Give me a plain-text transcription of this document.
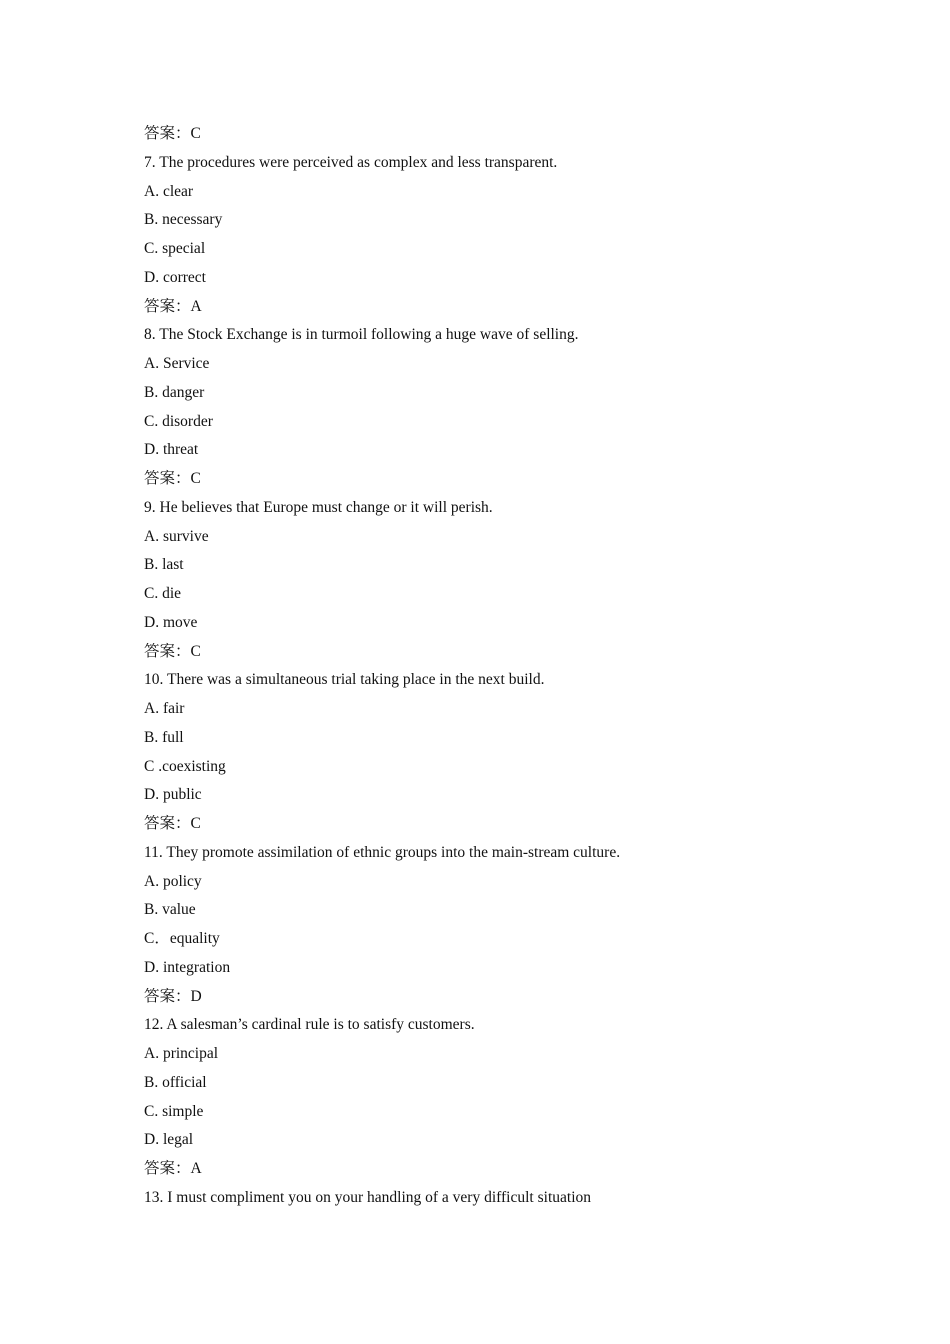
答案：C
7. The procedures were perceived as complex and less transparent.
A. clear
B. necessary
C. special
D. correct
答案：A
8. The Stock Exchange is in turmoil following a huge wave of selling.
A. Service
B. danger
C. disorder
D. threat
答案：C
9. He believes that Europe must change or it will perish.
A. survive
B. last
C. die
D. move
答案：C
10. There was a simultaneous trial taking place in the next build.
A. fair
B. full
C .coexisting
D. public
答案：C
11. They promote assimilation of ethnic groups into the main-stream culture.
A. policy
B. value
C．equality
D. integration
答案：D
12. A salesman’s cardinal rule is to satisfy customers.
A. principal
B. official
C. simple
D. legal
答案：A
13. I must compliment you on your handling of a very difficult situation
